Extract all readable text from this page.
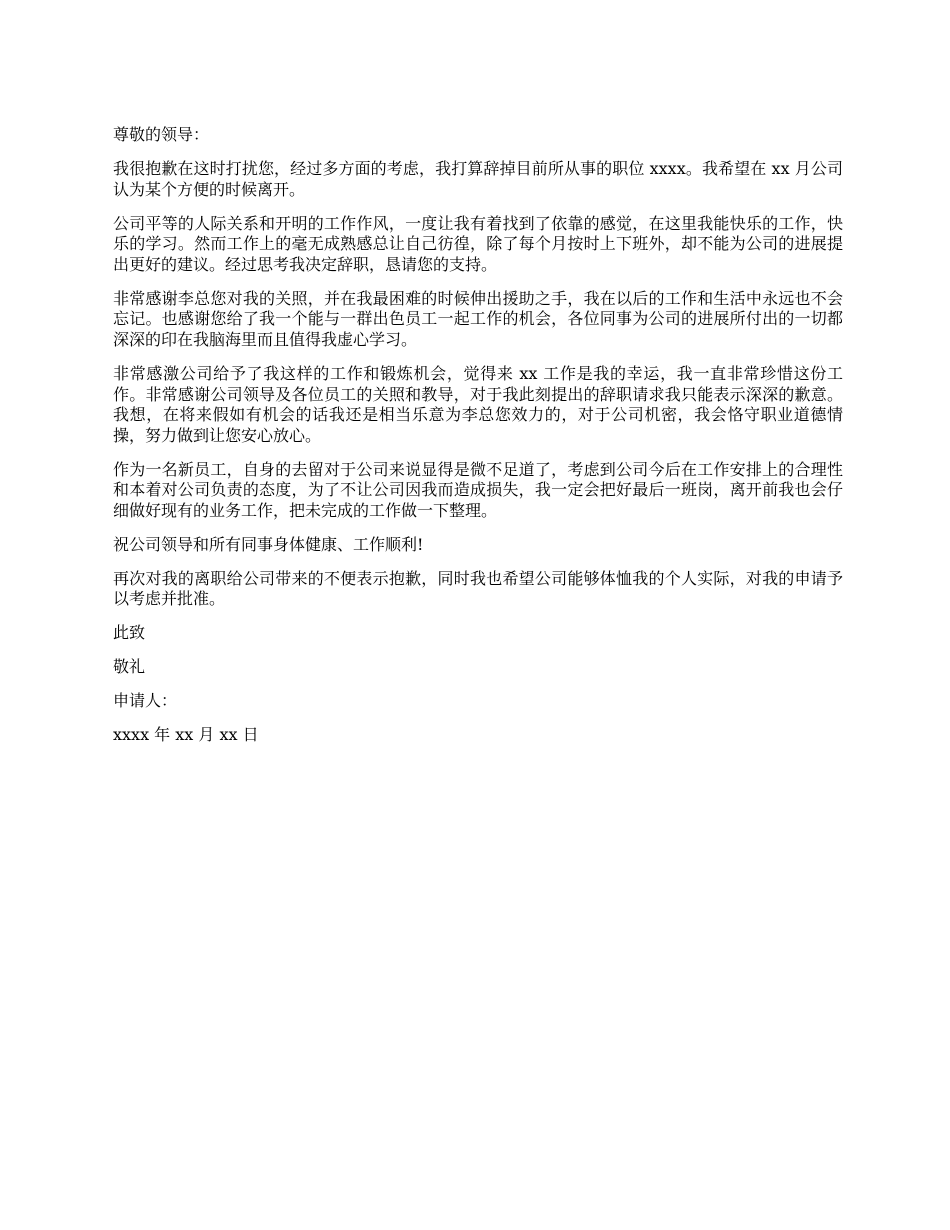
尊敬的领导：

我很抱歉在这时打扰您，经过多方面的考虑，我打算辞掉目前所从事的职位 xxxx。我希望在 xx 月公司认为某个方便的时候离开。

公司平等的人际关系和开明的工作作风，一度让我有着找到了依靠的感觉，在这里我能快乐的工作，快乐的学习。然而工作上的毫无成熟感总让自己彷徨，除了每个月按时上下班外，却不能为公司的进展提出更好的建议。经过思考我决定辞职，恳请您的支持。

非常感谢李总您对我的关照，并在我最困难的时候伸出援助之手，我在以后的工作和生活中永远也不会忘记。也感谢您给了我一个能与一群出色员工一起工作的机会，各位同事为公司的进展所付出的一切都深深的印在我脑海里而且值得我虚心学习。

非常感激公司给予了我这样的工作和锻炼机会，觉得来 xx 工作是我的幸运，我一直非常珍惜这份工作。非常感谢公司领导及各位员工的关照和教导，对于我此刻提出的辞职请求我只能表示深深的歉意。我想，在将来假如有机会的话我还是相当乐意为李总您效力的，对于公司机密，我会恪守职业道德情操，努力做到让您安心放心。

作为一名新员工，自身的去留对于公司来说显得是微不足道了，考虑到公司今后在工作安排上的合理性和本着对公司负责的态度，为了不让公司因我而造成损失，我一定会把好最后一班岗，离开前我也会仔细做好现有的业务工作，把未完成的工作做一下整理。

祝公司领导和所有同事身体健康、工作顺利!

再次对我的离职给公司带来的不便表示抱歉，同时我也希望公司能够体恤我的个人实际，对我的申请予以考虑并批准。

此致

敬礼

申请人：

xxxx 年 xx 月 xx 日
